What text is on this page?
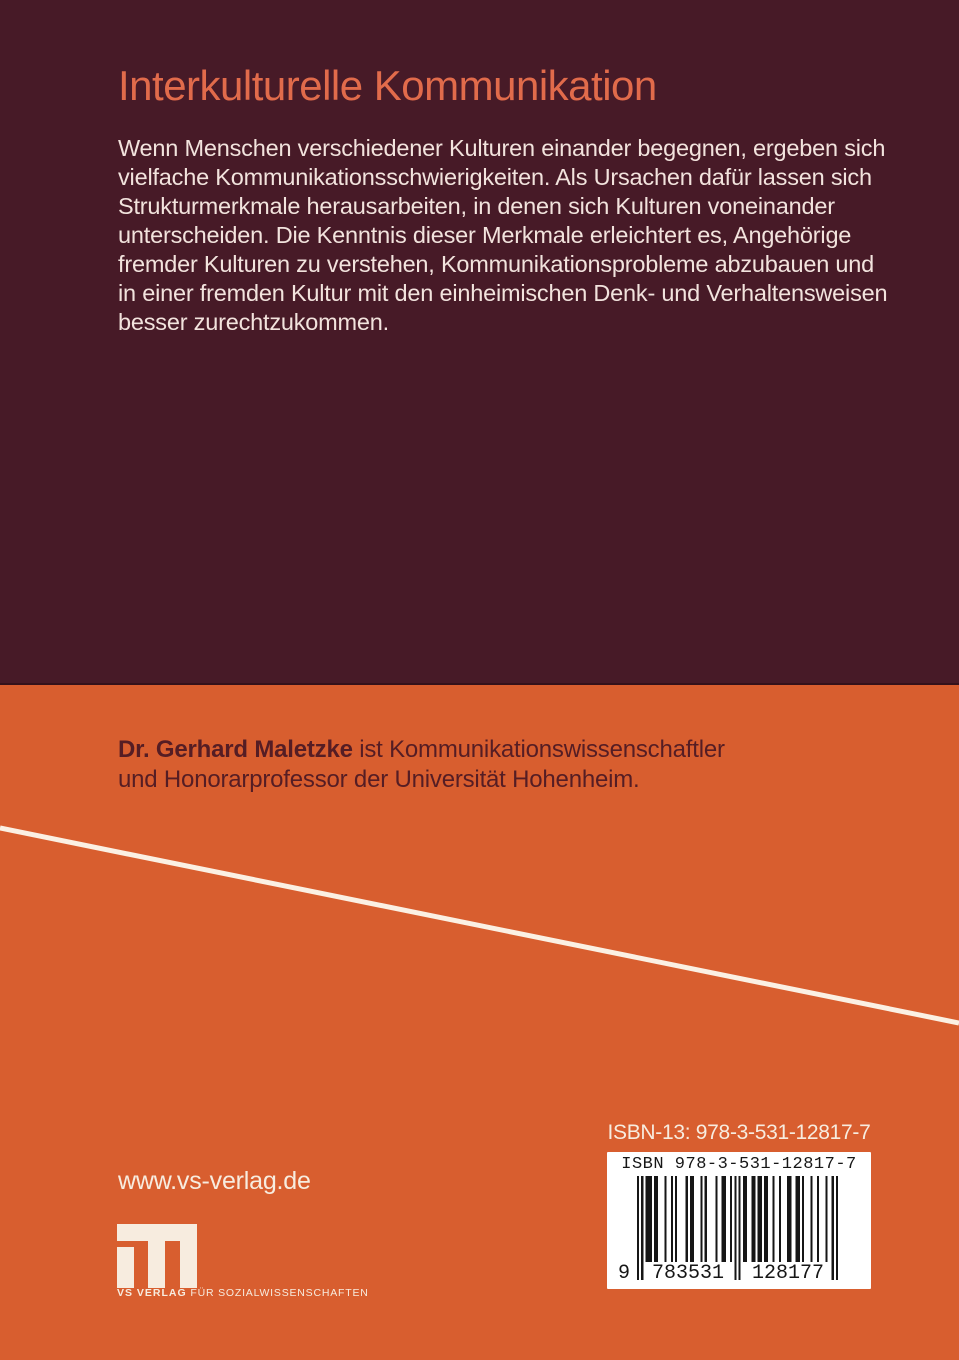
Interkulturelle Kommunikation
Wenn Menschen verschiedener Kulturen einander begegnen, ergeben sich
vielfache Kommunikationsschwierigkeiten. Als Ursachen dafür lassen sich
Strukturmerkmale herausarbeiten, in denen sich Kulturen voneinander
unterscheiden. Die Kenntnis dieser Merkmale erleichtert es, Angehörige
fremder Kulturen zu verstehen, Kommunikationsprobleme abzubauen und
in einer fremden Kultur mit den einheimischen Denk- und Verhaltensweisen
besser zurechtzukommen.
Dr. Gerhard Maletzke ist Kommunikationswissenschaftler
und Honorarprofessor der Universität Hohenheim.
ISBN-13: 978-3-531-12817-7
ISBN 978-3-531-12817-7
9	783531	128177
www.vs-verlag.de
VS VERLAG FÜR SOZIALWISSENSCHAFTEN
